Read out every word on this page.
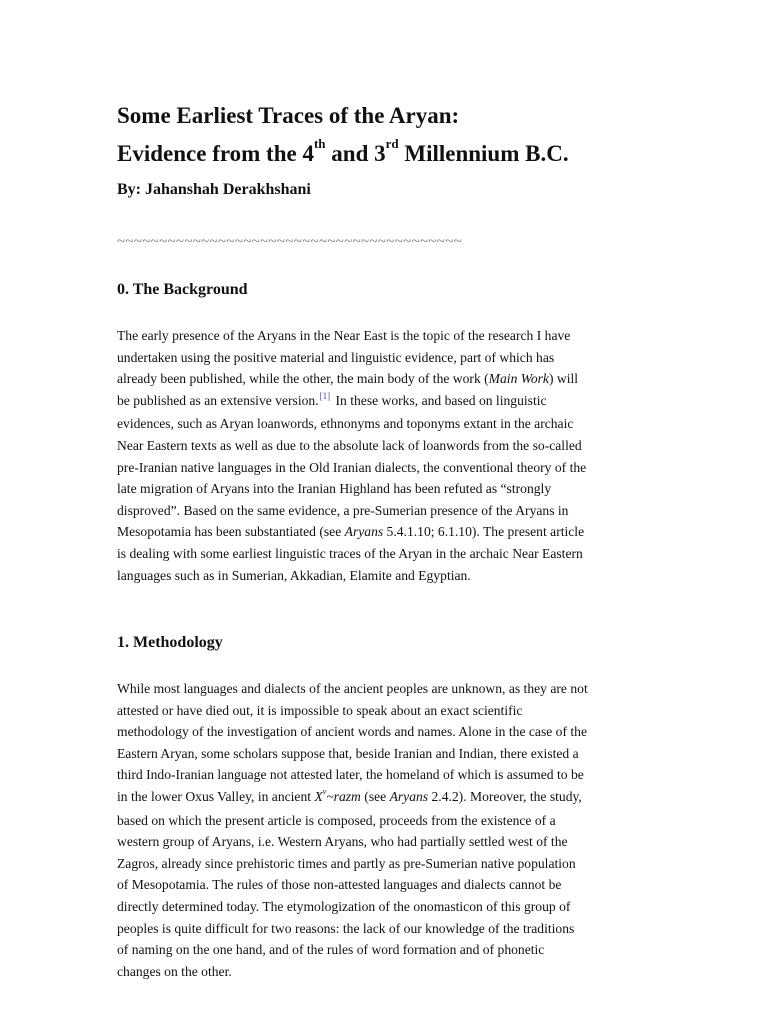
Some Earliest Traces of the Aryan:
Evidence from the 4th and 3rd Millennium B.C.

By: Jahanshah Derakhshani

~~~~~~~~~~~~~~~~~~~~~~~~~~~~~~~~~~~~~~~~~
0. The Background
The early presence of the Aryans in the Near East is the topic of the research I have
undertaken using the positive material and linguistic evidence, part of which has
already been published, while the other, the main body of the work (Main Work) will
be published as an extensive version.[1] In these works, and based on linguistic
evidences, such as Aryan loanwords, ethnonyms and toponyms extant in the archaic
Near Eastern texts as well as due to the absolute lack of loanwords from the so-called
pre-Iranian native languages in the Old Iranian dialects, the conventional theory of the
late migration of Aryans into the Iranian Highland has been refuted as “strongly
disproved”. Based on the same evidence, a pre-Sumerian presence of the Aryans in
Mesopotamia has been substantiated (see Aryans 5.4.1.10; 6.1.10). The present article
is dealing with some earliest linguistic traces of the Aryan in the archaic Near Eastern
languages such as in Sumerian, Akkadian, Elamite and Egyptian.
1. Methodology
While most languages and dialects of the ancient peoples are unknown, as they are not
attested or have died out, it is impossible to speak about an exact scientific
methodology of the investigation of ancient words and names. Alone in the case of the
Eastern Aryan, some scholars suppose that, beside Iranian and Indian, there existed a
third Indo-Iranian language not attested later, the homeland of which is assumed to be
in the lower Oxus Valley, in ancient $X^v\sim razm$ (see Aryans 2.4.2). Moreover, the study,
based on which the present article is composed, proceeds from the existence of a
western group of Aryans, i.e. Western Aryans, who had partially settled west of the
Zagros, already since prehistoric times and partly as pre-Sumerian native population
of Mesopotamia. The rules of those non-attested languages and dialects cannot be
directly determined today. The etymologization of the onomasticon of this group of
peoples is quite difficult for two reasons: the lack of our knowledge of the traditions
of naming on the one hand, and of the rules of word formation and of phonetic
changes on the other.
